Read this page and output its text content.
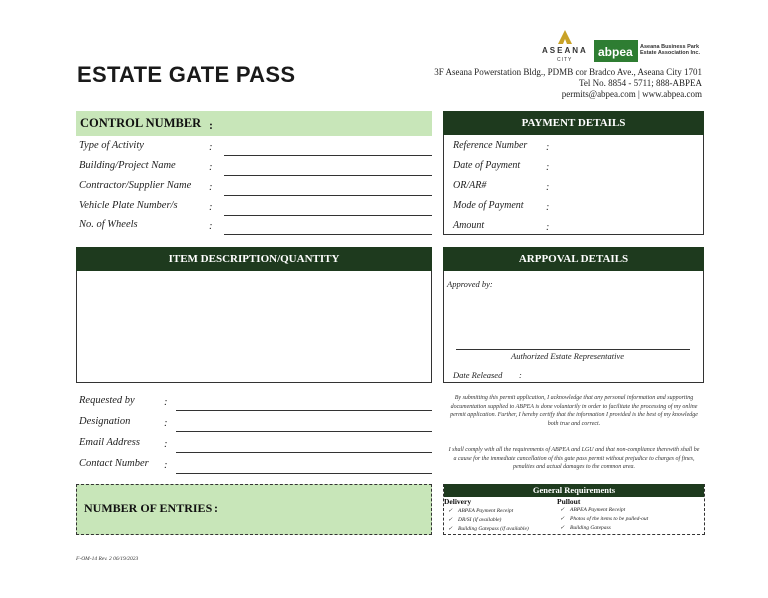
ESTATE GATE PASS
ASEANA
CITY
abpea Aseana Business Park Estate Association Inc.
3F Aseana Powerstation Bldg., PDMB cor Bradco Ave., Aseana City 1701
Tel No. 8854 - 5711; 888-ABPEA
permits@abpea.com | www.abpea.com
CONTROL NUMBER :
Type of Activity	:
Building/Project Name	:
Contractor/Supplier Name :
Vehicle Plate Number/s	:
No. of Wheels	:
PAYMENT DETAILS
Reference Number :
Date of Payment	:
OR/AR#	:
Mode of Payment :
Amount	:
ITEM DESCRIPTION/QUANTITY	ARPPOVAL DETAILS
Approved by:
Authorized Estate Representative
Date Released :
Requested by	:
Designation	:
Email Address :
Contact Number :
By submitting this permit application, I acknowledge that any personal information and supporting documentation supplied to ABPEA is done voluntarily in order to facilitate the processing of my online permit application. Further, I hereby certify that the information I provided is the best of my knowledge both true and correct.
I shall comply with all the requirements of ABPEA and LGU and that non-compliance therewith shall be a cause for the immediate cancellation of this gate pass permit without prejudice to charges of fines, penalties and actual damages to the common area.
NUMBER OF ENTRIES :
General Requirements
Delivery
✓ ABPEA Payment Receipt
✓ DR/SI (if available)
✓ Building Gatepass (if available)
Pullout
✓ ABPEA Payment Receipt
✓ Photos of the items to be pulled-out
✓ Building Gatepass
F-OM-14 Rev. 2 06/19/2023
